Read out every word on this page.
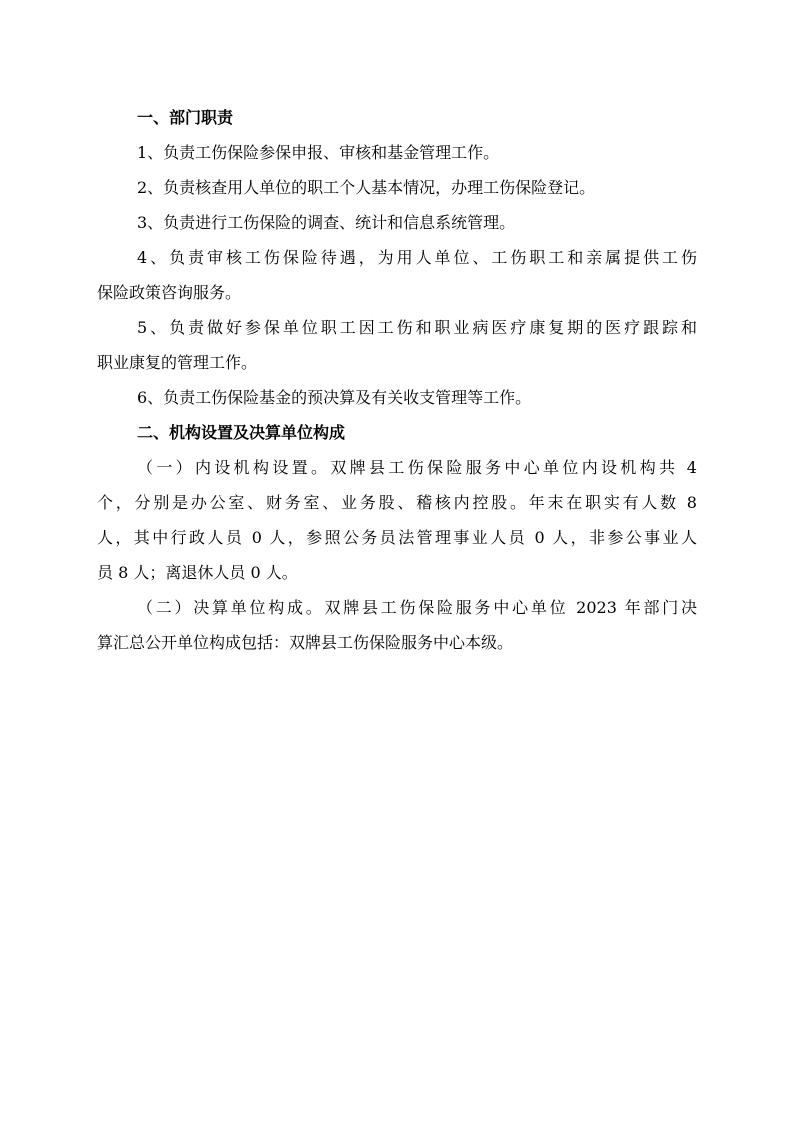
一、部门职责

1、负责工伤保险参保申报、审核和基金管理工作。

2、负责核查用人单位的职工个人基本情况，办理工伤保险登记。

3、负责进行工伤保险的调查、统计和信息系统管理。

4、负责审核工伤保险待遇，为用人单位、工伤职工和亲属提供工伤

保险政策咨询服务。

5、负责做好参保单位职工因工伤和职业病医疗康复期的医疗跟踪和

职业康复的管理工作。

6、负责工伤保险基金的预决算及有关收支管理等工作。

二、机构设置及决算单位构成

（一）内设机构设置。双牌县工伤保险服务中心单位内设机构共 4

个，分别是办公室、财务室、业务股、稽核内控股。年末在职实有人数 8

人，其中行政人员 0 人，参照公务员法管理事业人员 0 人，非参公事业人

员 8 人；离退休人员 0 人。

（二）决算单位构成。双牌县工伤保险服务中心单位 2023 年部门决

算汇总公开单位构成包括：双牌县工伤保险服务中心本级。
